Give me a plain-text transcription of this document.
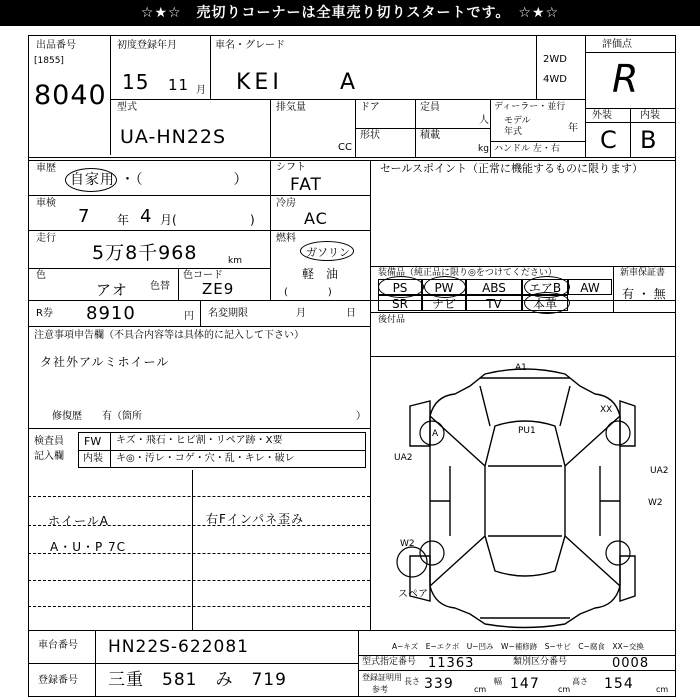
☆★☆　売切りコーナーは全車売り切りスタートです。　☆★☆
出品番号
[1855]
8040
初度登録年月
15 11 月
車名・グレード
KEI	A
2WD
4WD
評価点
R
外装	内装
C B
型式
UA-HN22S
排気量
CC
ドア	定員
人
形状	積載
kg
ディーラー・並行
モデル
年式	年
ハンドル 左・右
車歴
自家用 ・（　　　　　　）
車検
7 年 4 月(	)
走行
5万8千968	km
色
アオ 色替
色コード
ZE9
シフト
FAT
冷房
AC
燃料
ガソリン
軽　油
(　　　　)
セールスポイント（正常に機能するものに限ります）
装備品（純正品に限り◎をつけてください）	新車保証書
PS	PW	ABS	エアB	AW
SR	ナビ	TV	本革
有 ・ 無
後付品
R券 8910	円 名変期限	月	日
注意事項申告欄（不具合内容等は具体的に記入して下さい）
タ社外アルミホイール
修復歴　　有（箇所	）
検査員
記入欄
FW キズ・飛石・ヒビ割・リペア跡・X要
内装 キ◎・汚レ・コゲ・穴・乱・キレ・破レ
ホイールA
A・U・P 7C
右Fインパネ歪み
A1
XX
PU1
UA2
UA2
W2
W2
A
スペア
車台番号 HN22S-622081
登録番号 三重　581　み　719
A−キズ　E−エクボ　U−凹み　W−補修跡　S−サビ　C−腐食　XX−交換
型式指定番号 11363	類別区分番号	0008
登録証明用
参考
長さ 339	cm
幅 147 cm
高さ 154	cm
